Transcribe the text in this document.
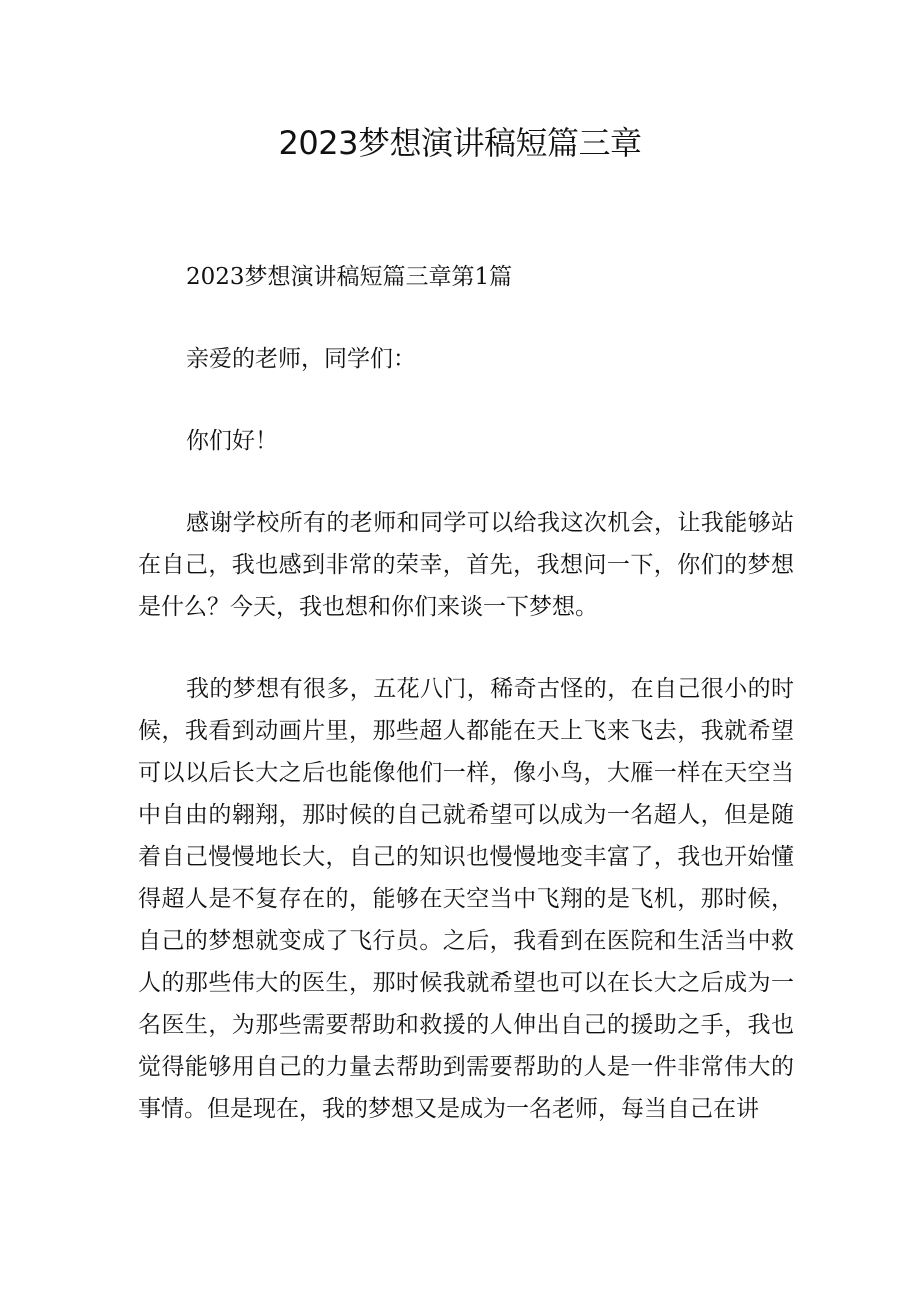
2023梦想演讲稿短篇三章

2023梦想演讲稿短篇三章第1篇

亲爱的老师，同学们：

你们好！

感谢学校所有的老师和同学可以给我这次机会，让我能够站在自己，我也感到非常的荣幸，首先，我想问一下，你们的梦想是什么？今天，我也想和你们来谈一下梦想。

我的梦想有很多，五花八门，稀奇古怪的，在自己很小的时候，我看到动画片里，那些超人都能在天上飞来飞去，我就希望可以以后长大之后也能像他们一样，像小鸟，大雁一样在天空当中自由的翱翔，那时候的自己就希望可以成为一名超人，但是随着自己慢慢地长大，自己的知识也慢慢地变丰富了，我也开始懂得超人是不复存在的，能够在天空当中飞翔的是飞机，那时候，自己的梦想就变成了飞行员。之后，我看到在医院和生活当中救人的那些伟大的医生，那时候我就希望也可以在长大之后成为一名医生，为那些需要帮助和救援的人伸出自己的援助之手，我也觉得能够用自己的力量去帮助到需要帮助的人是一件非常伟大的事情。但是现在，我的梦想又是成为一名老师，每当自己在讲
